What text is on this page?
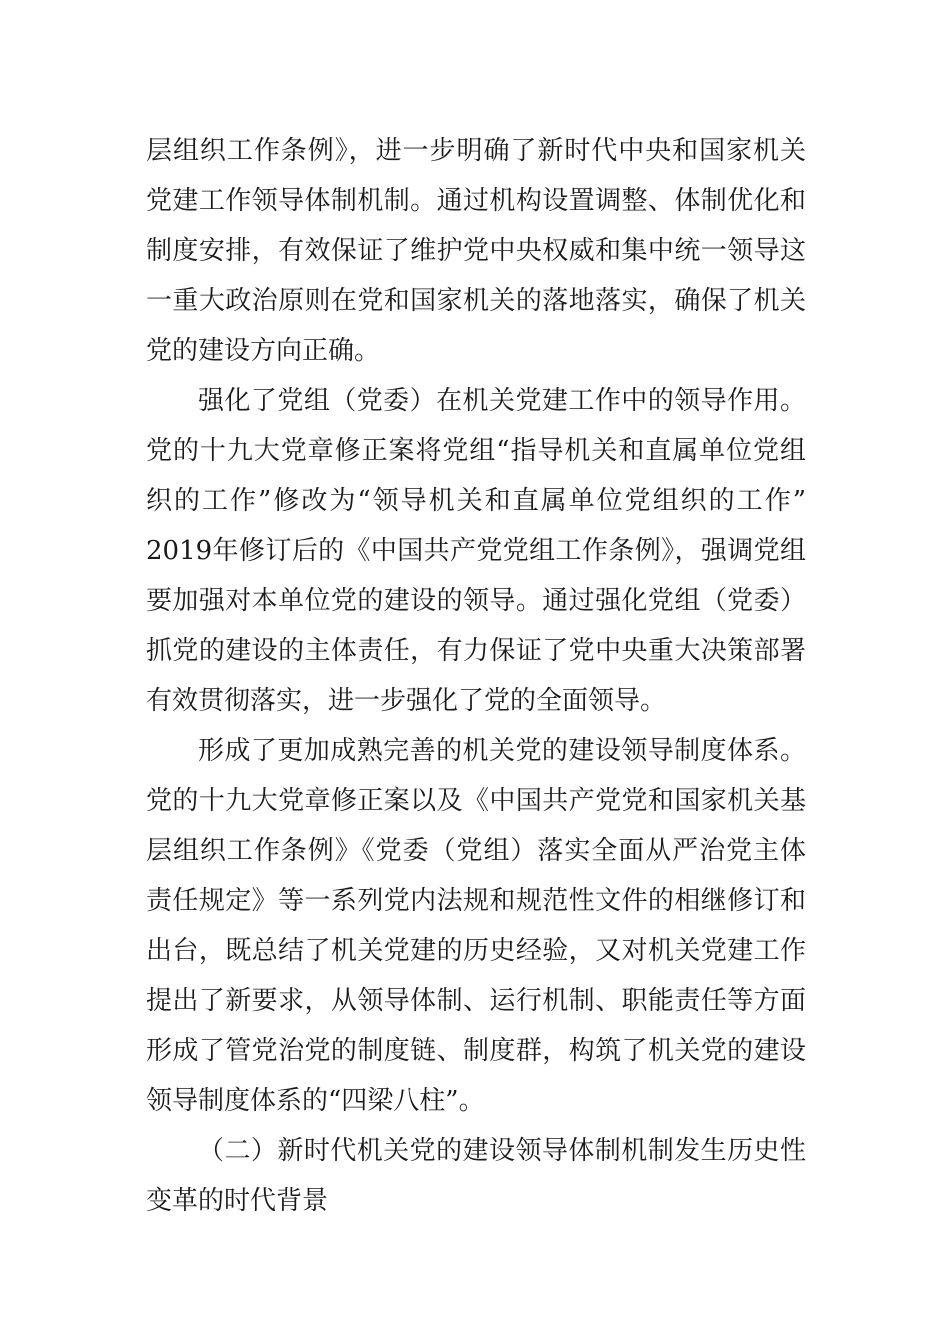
层组织工作条例》，进一步明确了新时代中央和国家机关
党建工作领导体制机制。通过机构设置调整、体制优化和
制度安排，有效保证了维护党中央权威和集中统一领导这
一重大政治原则在党和国家机关的落地落实，确保了机关
党的建设方向正确。
强化了党组（党委）在机关党建工作中的领导作用。
党的十九大党章修正案将党组“指导机关和直属单位党组
织的工作”修改为“领导机关和直属单位党组织的工作”
2019年修订后的《中国共产党党组工作条例》，强调党组
要加强对本单位党的建设的领导。通过强化党组（党委）
抓党的建设的主体责任，有力保证了党中央重大决策部署
有效贯彻落实，进一步强化了党的全面领导。
形成了更加成熟完善的机关党的建设领导制度体系。
党的十九大党章修正案以及《中国共产党党和国家机关基
层组织工作条例》《党委（党组）落实全面从严治党主体
责任规定》等一系列党内法规和规范性文件的相继修订和
出台，既总结了机关党建的历史经验，又对机关党建工作
提出了新要求，从领导体制、运行机制、职能责任等方面
形成了管党治党的制度链、制度群，构筑了机关党的建设
领导制度体系的“四梁八柱”。
（二）新时代机关党的建设领导体制机制发生历史性
变革的时代背景
